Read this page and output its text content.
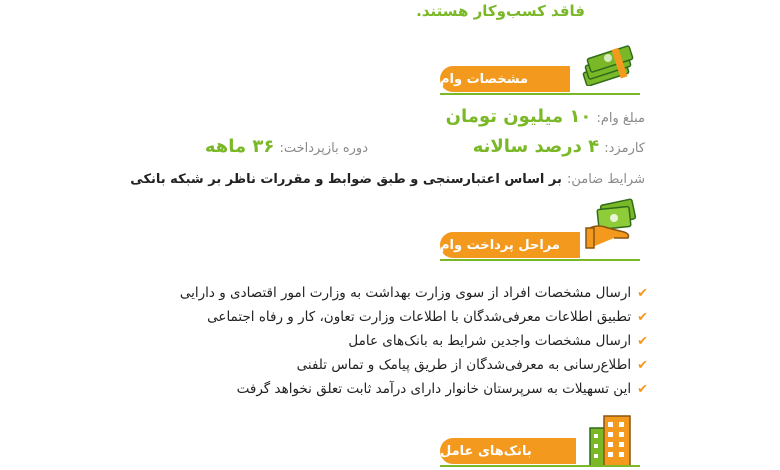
فاقد کسب‌وکار هستند.
مشخصات وام
مبلغ وام: ۱۰ میلیون تومان
کارمزد: ۴ درصد سالانه
دوره بازپرداخت: ۳۶ ماهه
شرایط ضامن: بر اساس اعتبارسنجی و طبق ضوابط و مقررات ناظر بر شبکه بانکی
مراحل پرداخت وام
✔
ارسال مشخصات افراد از سوی وزارت بهداشت به وزارت امور اقتصادی و دارایی
✔
تطبیق اطلاعات معرفی‌شدگان با اطلاعات وزارت تعاون، کار و رفاه اجتماعی
✔
ارسال مشخصات واجدین شرایط به بانک‌های عامل
✔
اطلاع‌رسانی به معرفی‌شدگان از طریق پیامک و تماس تلفنی
✔
این تسهیلات به سرپرستان خانوار دارای درآمد ثابت تعلق نخواهد گرفت
بانک‌های عامل
